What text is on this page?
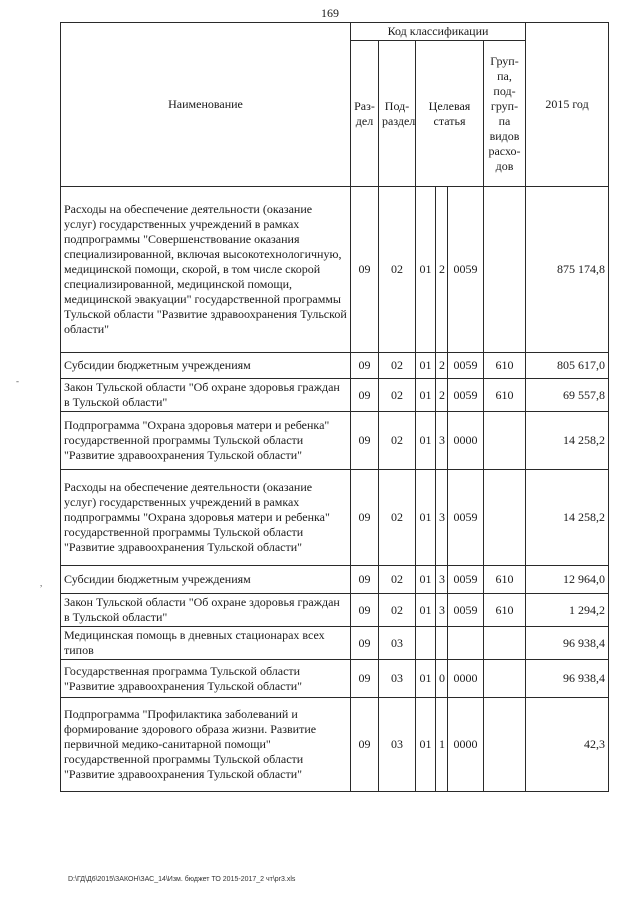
169
Наименование	Код классификации						2015 год
	Раз-дел	Под-раздел	Целевая статья			Груп-па, под-груп-па видов расхо-дов	
Расходы на обеспечение деятельности (оказание услуг) государственных учреждений в рамках подпрограммы "Совершенствование оказания специализированной, включая высокотехнологичную, медицинской помощи, скорой, в том числе скорой специализированной, медицинской помощи, медицинской эвакуации" государственной программы Тульской области "Развитие здравоохранения Тульской области"	09	02	01	2	0059		875 174,8
Субсидии бюджетным учреждениям	09	02	01	2	0059	610	805 617,0
Закон Тульской области "Об охране здоровья граждан в Тульской области"	09	02	01	2	0059	610	69 557,8
Подпрограмма "Охрана здоровья матери и ребенка" государственной программы Тульской области "Развитие здравоохранения Тульской области"	09	02	01	3	0000		14 258,2
Расходы на обеспечение деятельности (оказание услуг) государственных учреждений в рамках подпрограммы "Охрана здоровья матери и ребенка" государственной программы Тульской области "Развитие здравоохранения Тульской области"	09	02	01	3	0059		14 258,2
Субсидии бюджетным учреждениям	09	02	01	3	0059	610	12 964,0
Закон Тульской области "Об охране здоровья граждан в Тульской области"	09	02	01	3	0059	610	1 294,2
Медицинская помощь в дневных стационарах всех типов	09	03					96 938,4
Государственная программа Тульской области "Развитие здравоохранения Тульской области"	09	03	01	0	0000		96 938,4
Подпрограмма "Профилактика заболеваний и формирование здорового образа жизни. Развитие первичной медико-санитарной помощи" государственной программы Тульской области "Развитие здравоохранения Тульской области"	09	03	01	1	0000		42,3
D:\ГД\Д6\2015\ЗАКОН\ЗАС_14\Изм. бюджет ТО 2015-2017_2 чт\pr3.xls
-
,
